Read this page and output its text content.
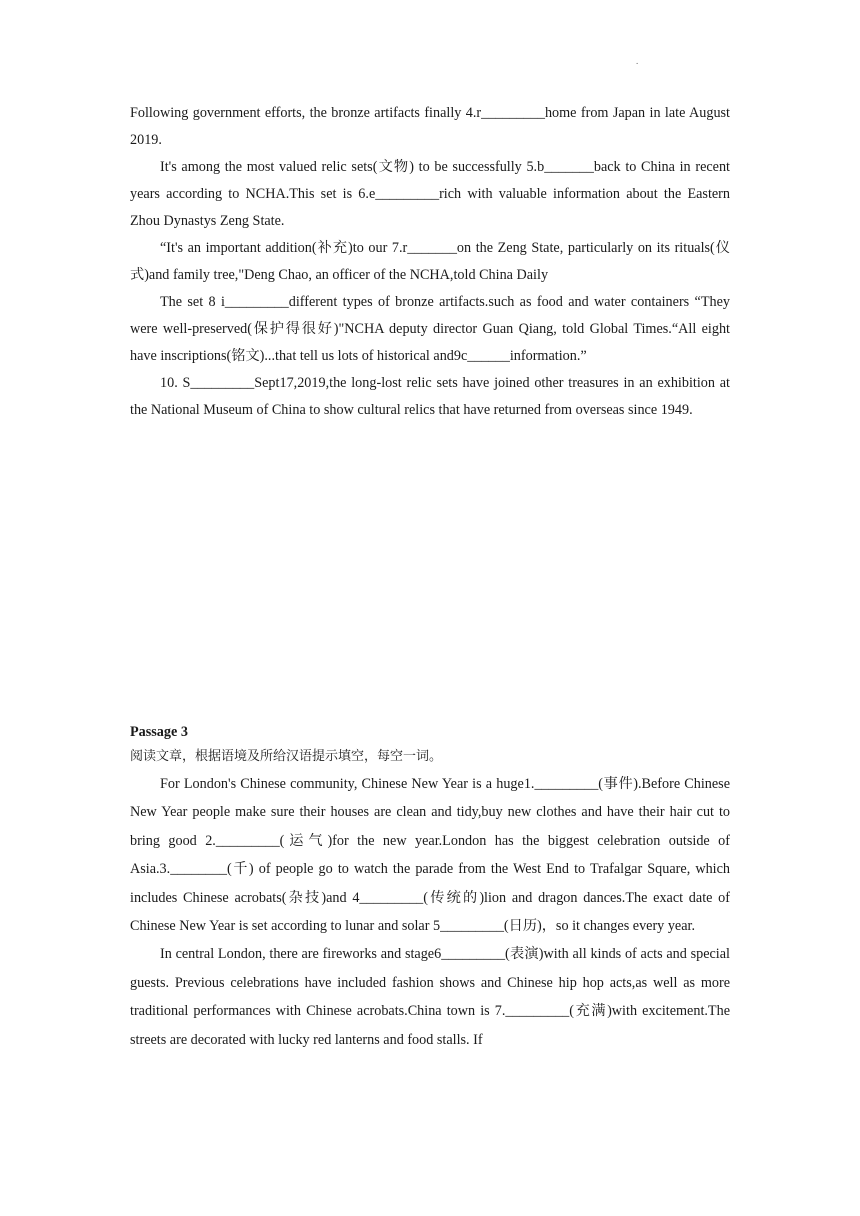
.

Following government efforts, the bronze artifacts finally 4.r_________home from Japan in late August 2019.

It's among the most valued relic sets(文物) to be successfully 5.b_______back to China in recent years according to NCHA.This set is 6.e_________rich with valuable information about the Eastern Zhou Dynastys Zeng State.

“It's an important addition(补充)to our 7.r_______on the Zeng State, particularly on its rituals(仪式)and family tree,"Deng Chao, an officer of the NCHA,told China Daily

The set 8 i_________different types of bronze artifacts.such as food and water containers “They were well-preserved(保护得很好)"NCHA deputy director Guan Qiang, told Global Times.“All eight have inscriptions(铭文)...that tell us lots of historical and9c______information.”

10. S_________Sept17,2019,the long-lost relic sets have joined other treasures in an exhibition at the National Museum of China to show cultural relics that have returned from overseas since 1949.

Passage 3

阅读文章，根据语境及所给汉语提示填空，每空一词。

For London's Chinese community, Chinese New Year is a huge1._________(事件).Before Chinese New Year people make sure their houses are clean and tidy,buy new clothes and have their hair cut to bring good 2._________(运气)for the new year.London has the biggest celebration outside of Asia.3.________(千) of people go to watch the parade from the West End to Trafalgar Square, which includes Chinese acrobats(杂技)and 4_________(传统的)lion and dragon dances.The exact date of Chinese New Year is set according to lunar and solar 5_________(日历)，so it changes every year.

In central London, there are fireworks and stage6_________(表演)with all kinds of acts and special guests. Previous celebrations have included fashion shows and Chinese hip hop acts,as well as more traditional performances with Chinese acrobats.China town is 7._________(充满)with excitement.The streets are decorated with lucky red lanterns and food stalls. If
